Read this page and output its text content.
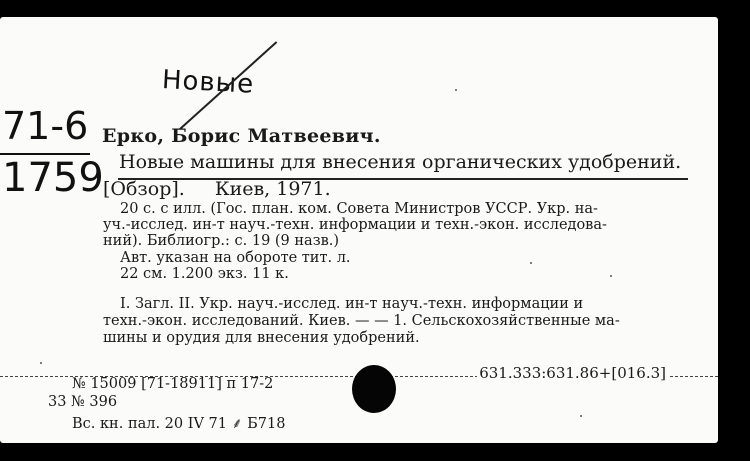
Новые
71-6
1759
Ерко, Борис Матвеевич.
Новые машины для внесения органических удобрений.
[Обзор]. Киев, 1971.
20 с. с илл. (Гос. план. ком. Совета Министров УССР. Укр. на-
уч.-исслед. ин-т науч.-техн. информации и техн.-экон. исследова-
ний). Библиогр.: с. 19 (9 назв.)
Авт. указан на обороте тит. л.
22 см. 1.200 экз. 11 к.
I. Загл. II. Укр. науч.-исслед. ин-т науч.-техн. информации и
техн.-экон. исследований. Киев. — — 1. Сельскохозяйственные ма-
шины и орудия для внесения удобрений.
631.333:631.86+[016.3]
№ 15009 [71-18911] п 17-2
33 № 396
Вс. кн. пал. 20 IV 71 ⸙ Б718
